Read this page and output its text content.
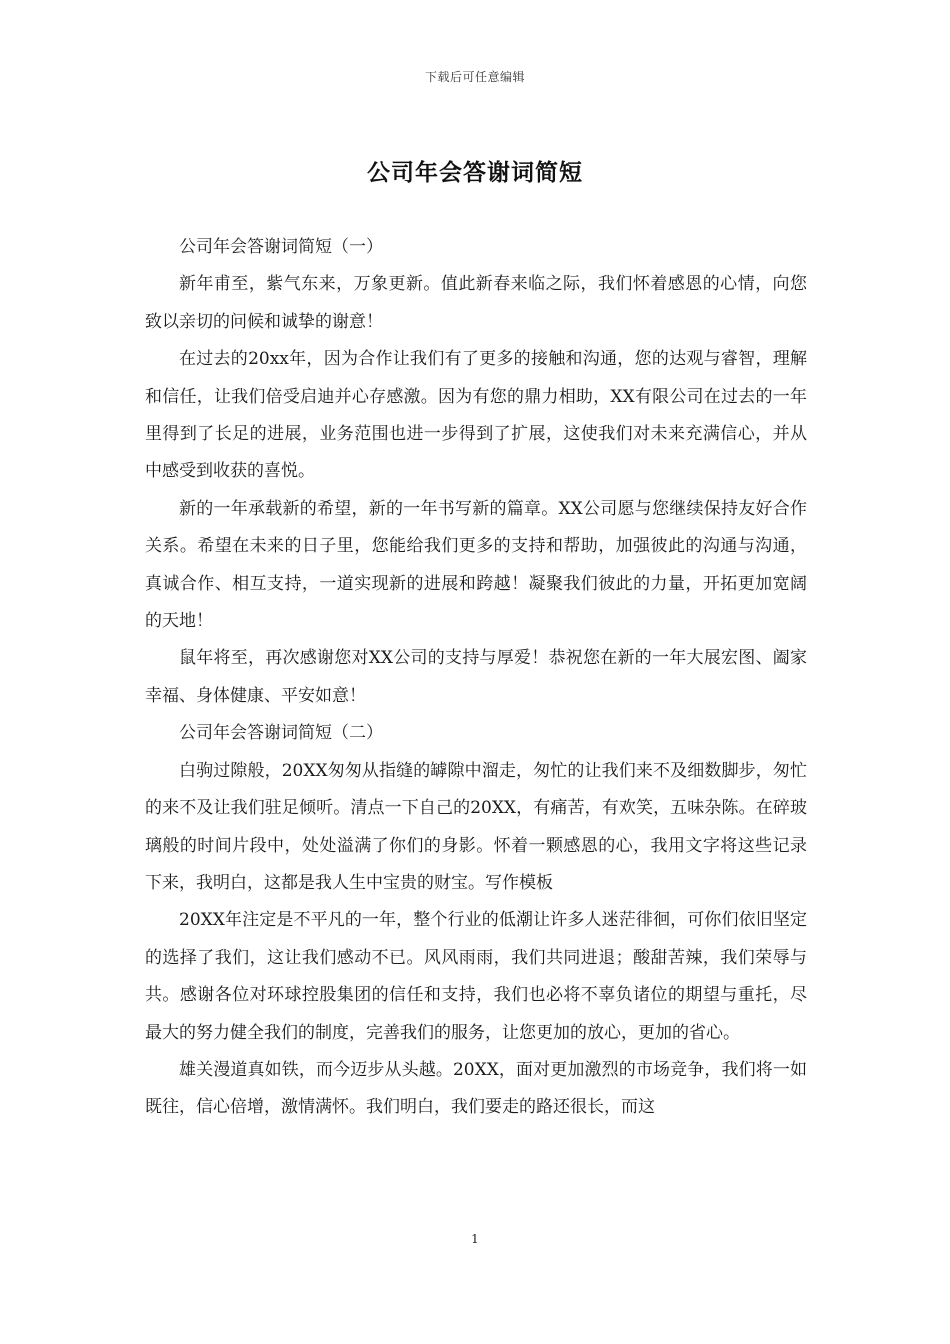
下载后可任意编辑
公司年会答谢词简短

公司年会答谢词简短（一）

新年甫至，紫气东来，万象更新。值此新春来临之际，我们怀着感恩的心情，向您致以亲切的问候和诚挚的谢意！

在过去的20xx年，因为合作让我们有了更多的接触和沟通，您的达观与睿智，理解和信任，让我们倍受启迪并心存感激。因为有您的鼎力相助，XX有限公司在过去的一年里得到了长足的进展，业务范围也进一步得到了扩展，这使我们对未来充满信心，并从中感受到收获的喜悦。

新的一年承载新的希望，新的一年书写新的篇章。XX公司愿与您继续保持友好合作关系。希望在未来的日子里，您能给我们更多的支持和帮助，加强彼此的沟通与沟通，真诚合作、相互支持，一道实现新的进展和跨越！凝聚我们彼此的力量，开拓更加宽阔的天地！

鼠年将至，再次感谢您对XX公司的支持与厚爱！恭祝您在新的一年大展宏图、阖家幸福、身体健康、平安如意！

公司年会答谢词简短（二）

白驹过隙般，20XX匆匆从指缝的罅隙中溜走，匆忙的让我们来不及细数脚步，匆忙的来不及让我们驻足倾听。清点一下自己的20XX，有痛苦，有欢笑，五味杂陈。在碎玻璃般的时间片段中，处处溢满了你们的身影。怀着一颗感恩的心，我用文字将这些记录下来，我明白，这都是我人生中宝贵的财宝。写作模板

20XX年注定是不平凡的一年，整个行业的低潮让许多人迷茫徘徊，可你们依旧坚定的选择了我们，这让我们感动不已。风风雨雨，我们共同进退；酸甜苦辣，我们荣辱与共。感谢各位对环球控股集团的信任和支持，我们也必将不辜负诸位的期望与重托，尽最大的努力健全我们的制度，完善我们的服务，让您更加的放心，更加的省心。

雄关漫道真如铁，而今迈步从头越。20XX，面对更加激烈的市场竞争，我们将一如既往，信心倍增，激情满怀。我们明白，我们要走的路还很长，而这

1
